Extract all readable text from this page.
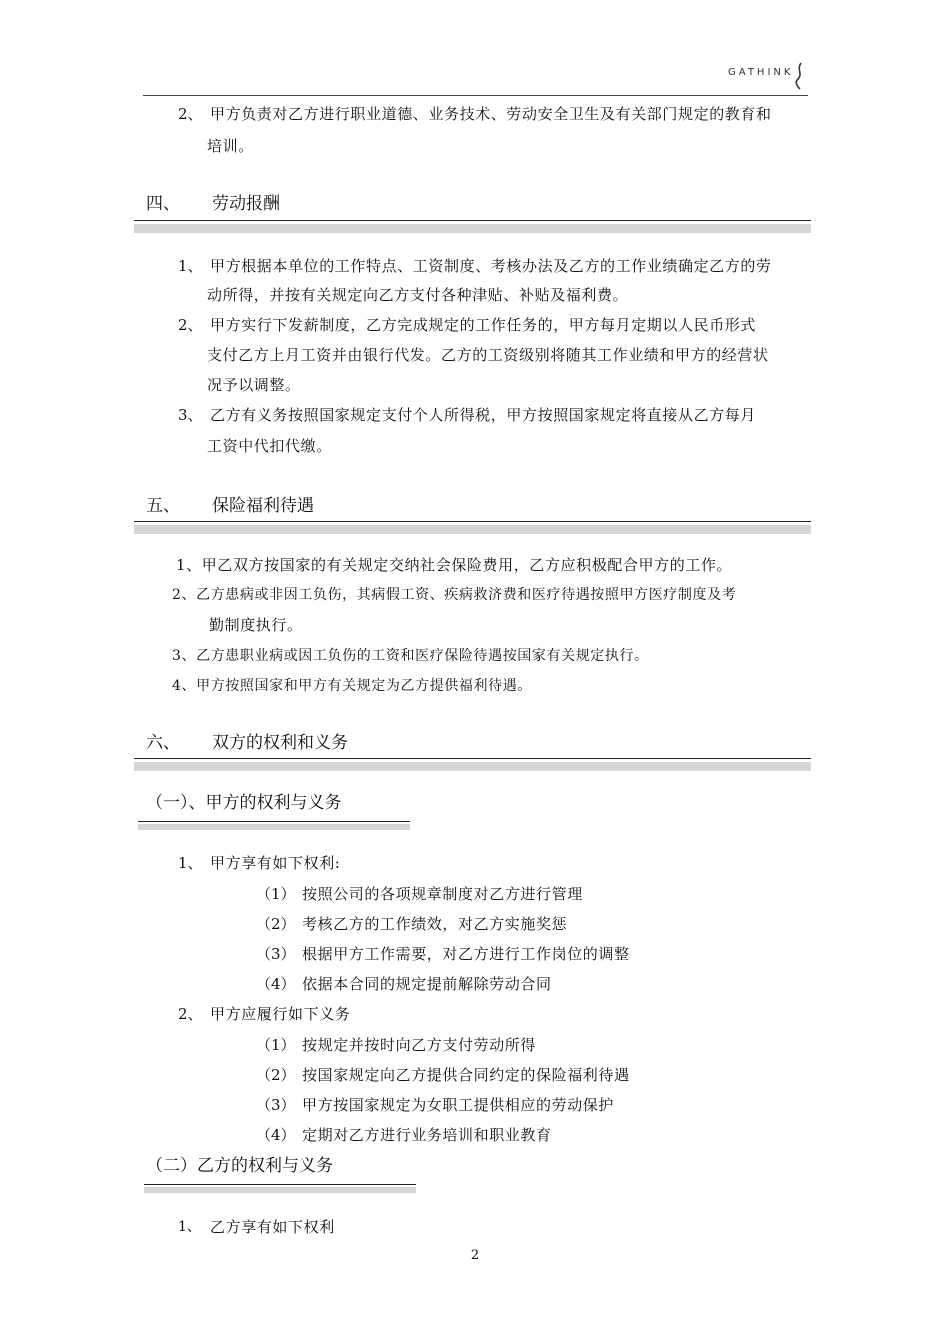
GATHINK
2、 甲方负责对乙方进行职业道德、业务技术、劳动安全卫生及有关部门规定的教育和
培训。
四、 劳动报酬
1、 甲方根据本单位的工作特点、工资制度、考核办法及乙方的工作业绩确定乙方的劳
动所得，并按有关规定向乙方支付各种津贴、补贴及福利费。
2、 甲方实行下发薪制度，乙方完成规定的工作任务的，甲方每月定期以人民币形式
支付乙方上月工资并由银行代发。乙方的工资级别将随其工作业绩和甲方的经营状
况予以调整。
3、 乙方有义务按照国家规定支付个人所得税，甲方按照国家规定将直接从乙方每月
工资中代扣代缴。
五、 保险福利待遇
1、甲乙双方按国家的有关规定交纳社会保险费用，乙方应积极配合甲方的工作。
2、乙方患病或非因工负伤，其病假工资、疾病救济费和医疗待遇按照甲方医疗制度及考
勤制度执行。
3、乙方患职业病或因工负伤的工资和医疗保险待遇按国家有关规定执行。
4、甲方按照国家和甲方有关规定为乙方提供福利待遇。
六、 双方的权利和义务
（一）、甲方的权利与义务
1、 甲方享有如下权利:
（1） 按照公司的各项规章制度对乙方进行管理
（2） 考核乙方的工作绩效，对乙方实施奖惩
（3） 根据甲方工作需要，对乙方进行工作岗位的调整
（4） 依据本合同的规定提前解除劳动合同
2、 甲方应履行如下义务
（1） 按规定并按时向乙方支付劳动所得
（2） 按国家规定向乙方提供合同约定的保险福利待遇
（3） 甲方按国家规定为女职工提供相应的劳动保护
（4） 定期对乙方进行业务培训和职业教育
（二）乙方的权利与义务
1、 乙方享有如下权利
2
